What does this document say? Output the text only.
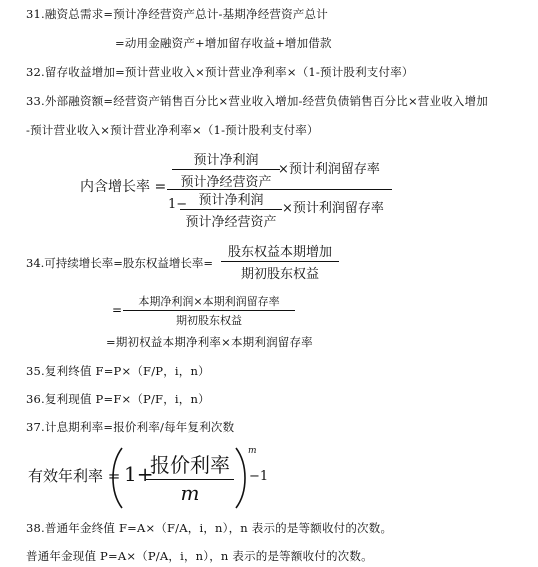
31.融资总需求=预计净经营资产总计-基期净经营资产总计
=动用金融资产+增加留存收益+增加借款
32.留存收益增加=预计营业收入×预计营业净利率×（1-预计股利支付率）
33.外部融资额=经营资产销售百分比×营业收入增加-经营负债销售百分比×营业收入增加
-预计营业收入×预计营业净利率×（1-预计股利支付率）
内含增长率 =
预计净利润
预计净经营资产
×预计利润留存率
1− 预计净利润
预计净经营资产
×预计利润留存率
34.可持续增长率=股东权益增长率=
股东权益本期增加
期初股东权益
=
本期净利润×本期利润留存率
期初股东权益
=期初权益本期净利率×本期利润留存率
35.复利终值 F=P×（F/P，i，n）
36.复利现值 P=F×（P/F，i，n）
37.计息期利率=报价利率/每年复利次数
有效年利率 = 1+
报价利率
m
m
−1
38.普通年金终值 F=A×（F/A，i，n），n 表示的是等额收付的次数。
普通年金现值 P=A×（P/A，i，n），n 表示的是等额收付的次数。
